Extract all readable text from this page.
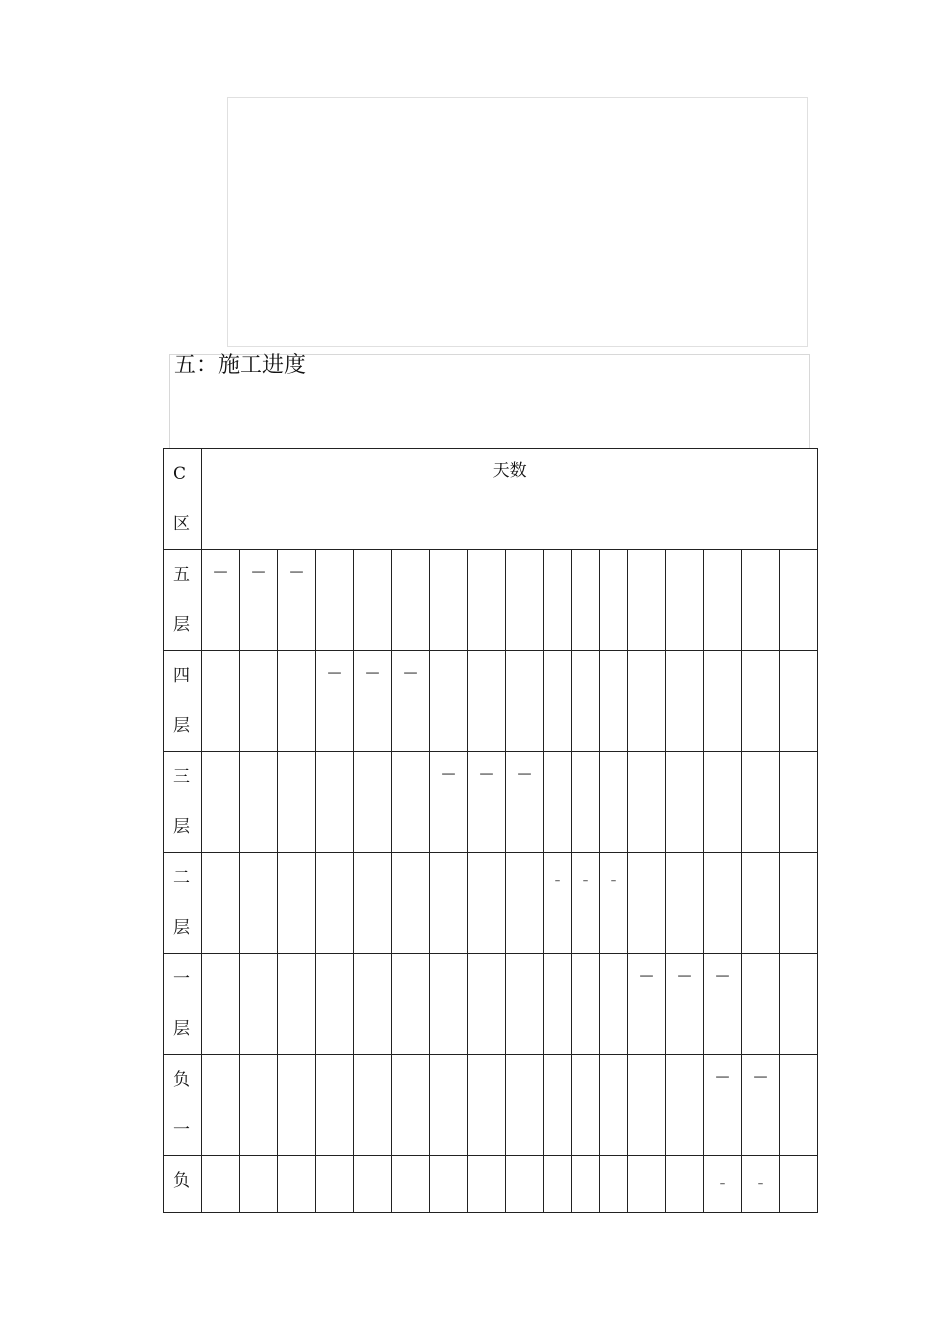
五：施工进度
C
区	天数																
五
层	—	—	—														
四
层				—	—	—											
三
层							—	—	—								
二
层										–	–	–					
一
层													—	—	—		
负
一															—	—	
负															–	–	
